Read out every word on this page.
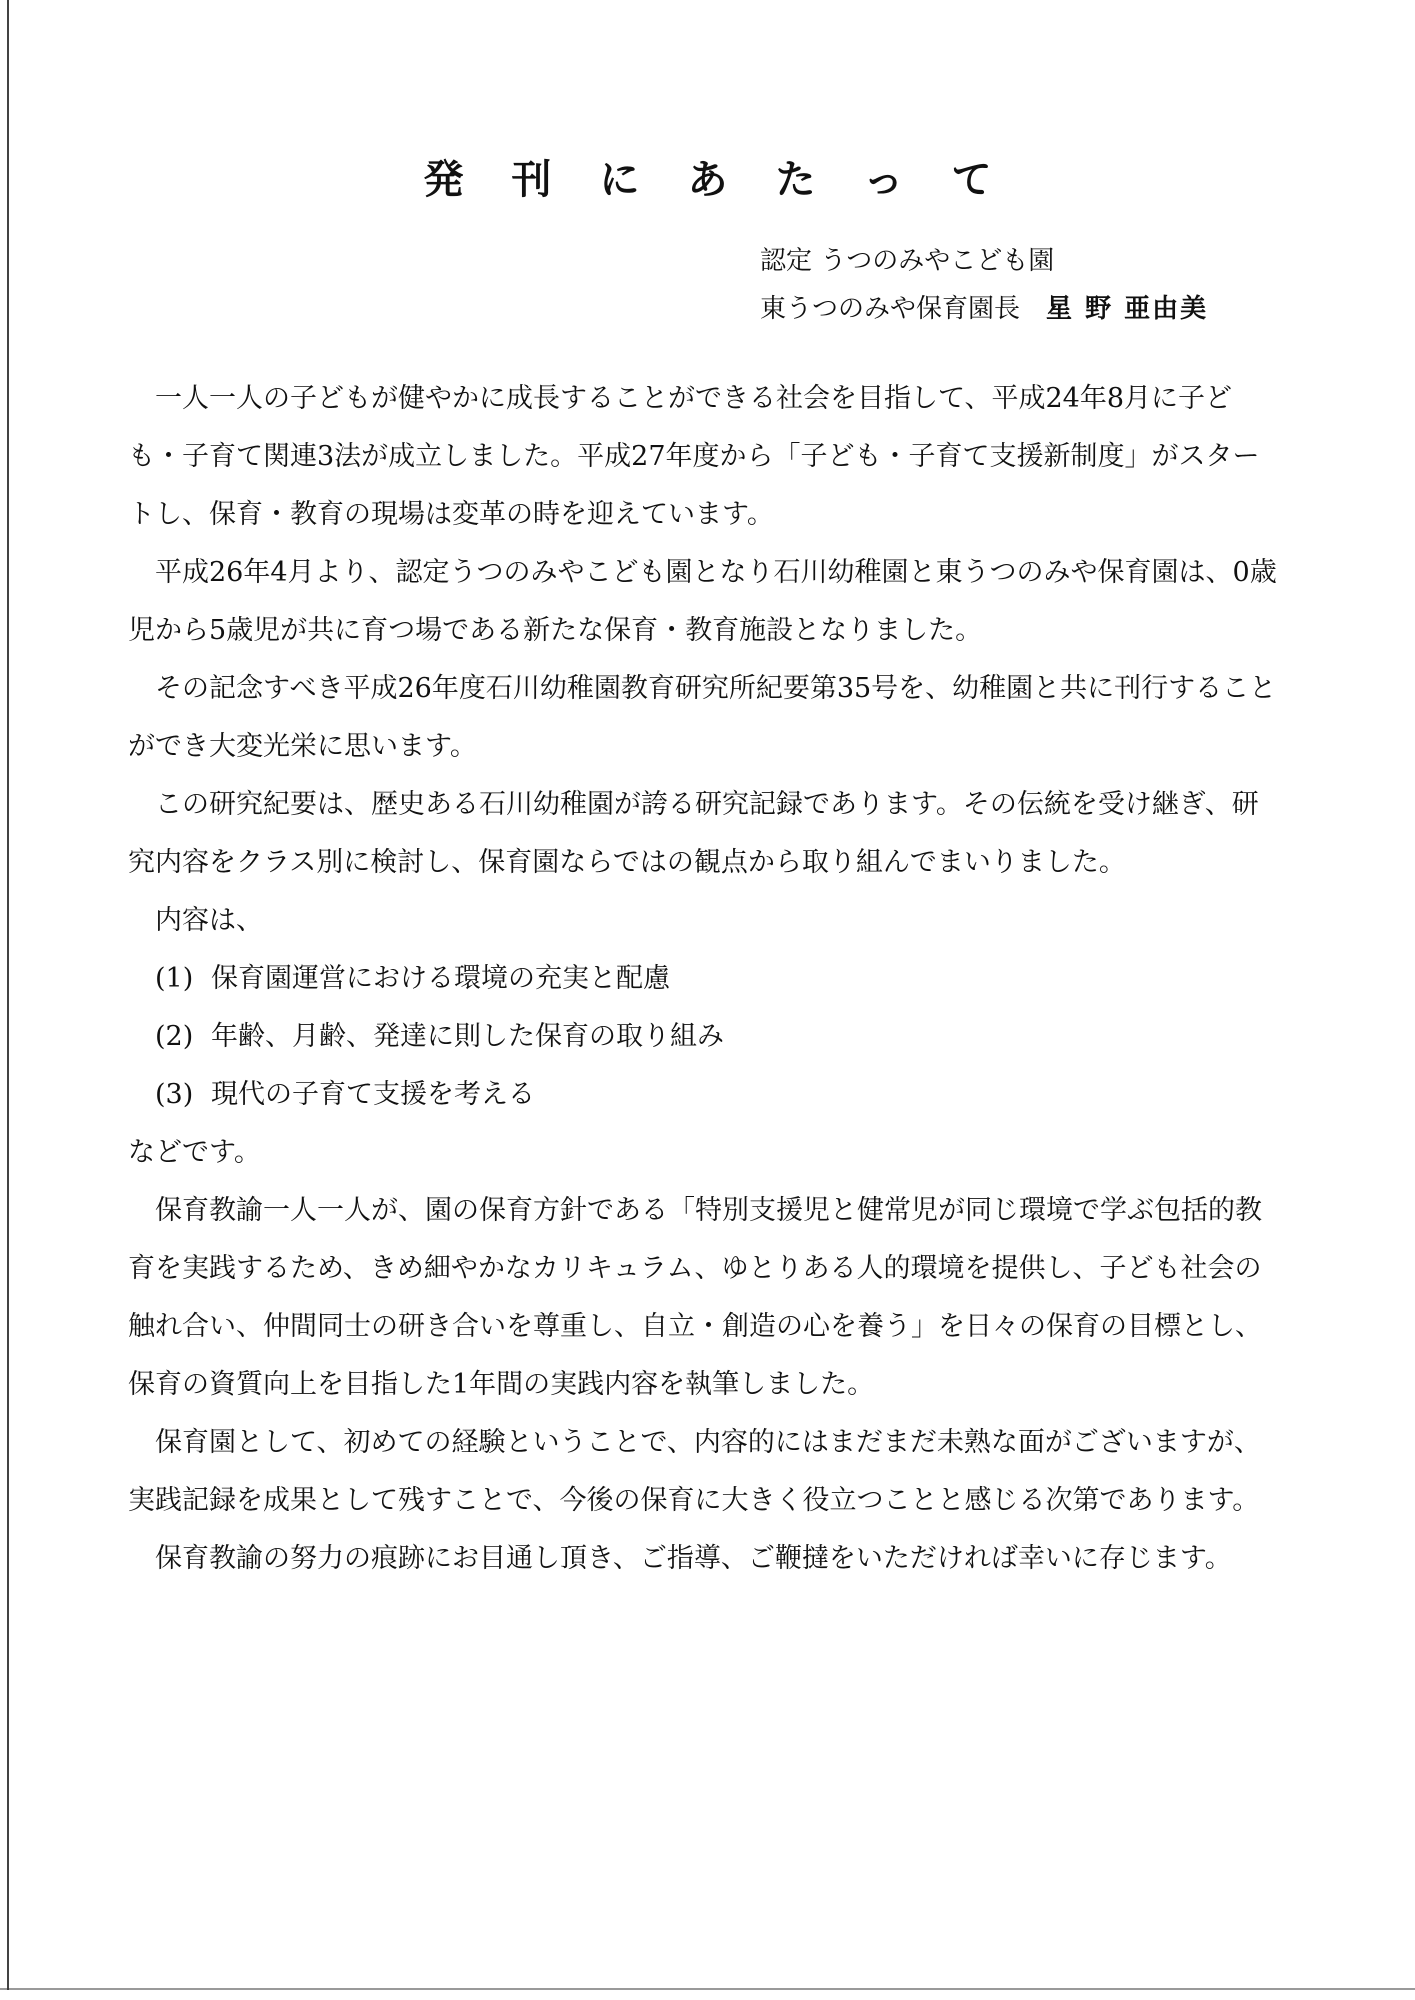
発刊にあたって
認定 うつのみやこども園
東うつのみや保育園長 星 野 亜由美

一人一人の子どもが健やかに成長することができる社会を目指して、平成24年8月に子ども・子育て関連3法が成立しました。平成27年度から「子ども・子育て支援新制度」がスタートし、保育・教育の現場は変革の時を迎えています。

平成26年4月より、認定うつのみやこども園となり石川幼稚園と東うつのみや保育園は、0歳児から5歳児が共に育つ場である新たな保育・教育施設となりました。

その記念すべき平成26年度石川幼稚園教育研究所紀要第35号を、幼稚園と共に刊行することができ大変光栄に思います。

この研究紀要は、歴史ある石川幼稚園が誇る研究記録であります。その伝統を受け継ぎ、研究内容をクラス別に検討し、保育園ならではの観点から取り組んでまいりました。

内容は、

(1) 保育園運営における環境の充実と配慮
(2) 年齢、月齢、発達に則した保育の取り組み
(3) 現代の子育て支援を考える

などです。

保育教諭一人一人が、園の保育方針である「特別支援児と健常児が同じ環境で学ぶ包括的教育を実践するため、きめ細やかなカリキュラム、ゆとりある人的環境を提供し、子ども社会の触れ合い、仲間同士の研き合いを尊重し、自立・創造の心を養う」を日々の保育の目標とし、保育の資質向上を目指した1年間の実践内容を執筆しました。

保育園として、初めての経験ということで、内容的にはまだまだ未熟な面がございますが、実践記録を成果として残すことで、今後の保育に大きく役立つことと感じる次第であります。

保育教諭の努力の痕跡にお目通し頂き、ご指導、ご鞭撻をいただければ幸いに存じます。
